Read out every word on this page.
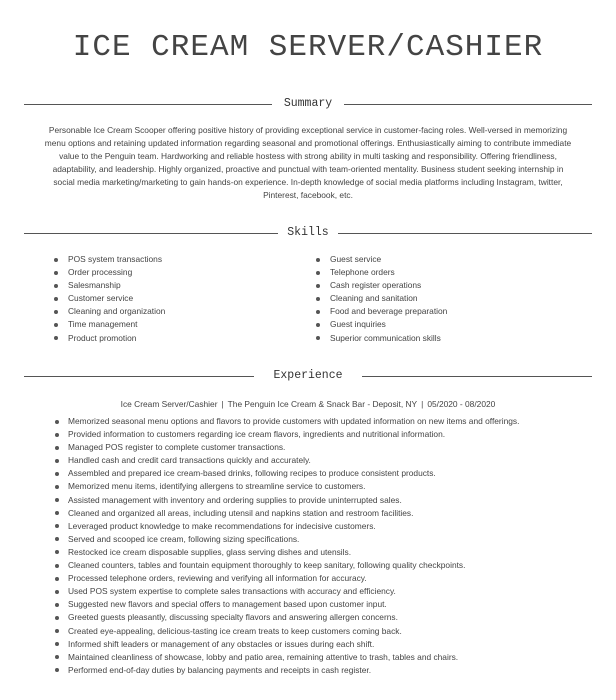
ICE CREAM SERVER/CASHIER
Summary
Personable Ice Cream Scooper offering positive history of providing exceptional service in customer-facing roles. Well-versed in memorizing menu options and retaining updated information regarding seasonal and promotional offerings. Enthusiastically aiming to contribute immediate value to the Penguin team. Hardworking and reliable hostess with strong ability in multi tasking and responsibility. Offering friendliness, adaptability, and leadership. Highly organized, proactive and punctual with team-oriented mentality. Business student seeking internship in social media marketing/marketing to gain hands-on experience. In-depth knowledge of social media platforms including Instagram, twitter, Pinterest, facebook, etc.
Skills
POS system transactions
Order processing
Salesmanship
Customer service
Cleaning and organization
Time management
Product promotion
Guest service
Telephone orders
Cash register operations
Cleaning and sanitation
Food and beverage preparation
Guest inquiries
Superior communication skills
Experience
Ice Cream Server/Cashier | The Penguin Ice Cream & Snack Bar - Deposit, NY | 05/2020 - 08/2020
Memorized seasonal menu options and flavors to provide customers with updated information on new items and offerings.
Provided information to customers regarding ice cream flavors, ingredients and nutritional information.
Managed POS register to complete customer transactions.
Handled cash and credit card transactions quickly and accurately.
Assembled and prepared ice cream-based drinks, following recipes to produce consistent products.
Memorized menu items, identifying allergens to streamline service to customers.
Assisted management with inventory and ordering supplies to provide uninterrupted sales.
Cleaned and organized all areas, including utensil and napkins station and restroom facilities.
Leveraged product knowledge to make recommendations for indecisive customers.
Served and scooped ice cream, following sizing specifications.
Restocked ice cream disposable supplies, glass serving dishes and utensils.
Cleaned counters, tables and fountain equipment thoroughly to keep sanitary, following quality checkpoints.
Processed telephone orders, reviewing and verifying all information for accuracy.
Used POS system expertise to complete sales transactions with accuracy and efficiency.
Suggested new flavors and special offers to management based upon customer input.
Greeted guests pleasantly, discussing specialty flavors and answering allergen concerns.
Created eye-appealing, delicious-tasting ice cream treats to keep customers coming back.
Informed shift leaders or management of any obstacles or issues during each shift.
Maintained cleanliness of showcase, lobby and patio area, remaining attentive to trash, tables and chairs.
Performed end-of-day duties by balancing payments and receipts in cash register.
